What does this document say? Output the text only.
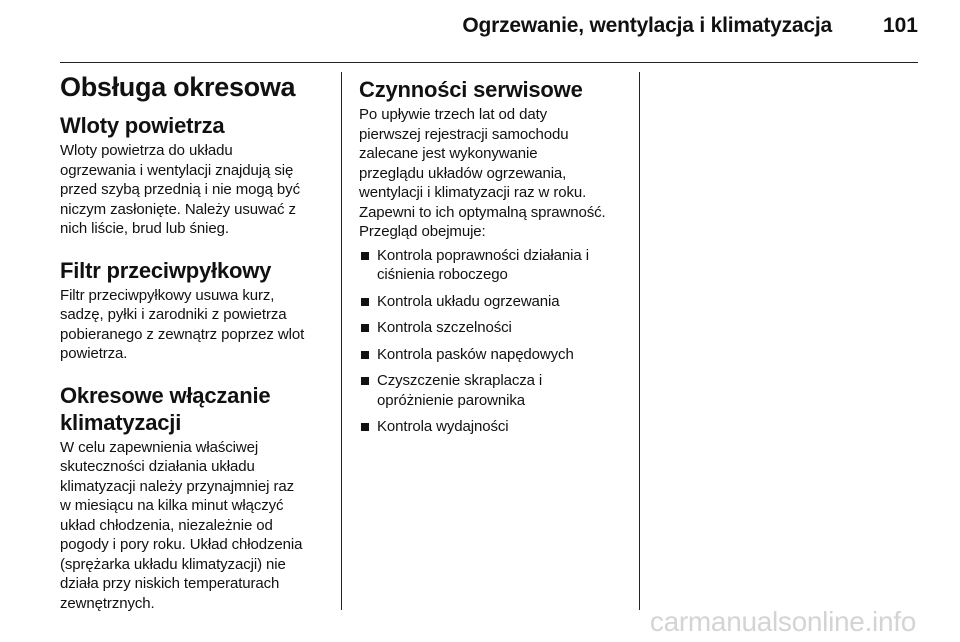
Ogrzewanie, wentylacja i klimatyzacja 101
Obsługa okresowa
Wloty powietrza

Wloty powietrza do układu
ogrzewania i wentylacji znajdują się
przed szybą przednią i nie mogą być
niczym zasłonięte. Należy usuwać z
nich liście, brud lub śnieg.

Filtr przeciwpyłkowy

Filtr przeciwpyłkowy usuwa kurz,
sadzę, pyłki i zarodniki z powietrza
pobieranego z zewnątrz poprzez wlot
powietrza.

Okresowe włączanie
klimatyzacji

W celu zapewnienia właściwej
skuteczności działania układu
klimatyzacji należy przynajmniej raz
w miesiącu na kilka minut włączyć
układ chłodzenia, niezależnie od
pogody i pory roku. Układ chłodzenia
(sprężarka układu klimatyzacji) nie
działa przy niskich temperaturach
zewnętrznych.

Czynności serwisowe

Po upływie trzech lat od daty
pierwszej rejestracji samochodu
zalecane jest wykonywanie
przeglądu układów ogrzewania,
wentylacji i klimatyzacji raz w roku.
Zapewni to ich optymalną sprawność.
Przegląd obejmuje:

Kontrola poprawności działania i
ciśnienia roboczego
Kontrola układu ogrzewania
Kontrola szczelności
Kontrola pasków napędowych
Czyszczenie skraplacza i
opróżnienie parownika
Kontrola wydajności
carmanualsonline.info
